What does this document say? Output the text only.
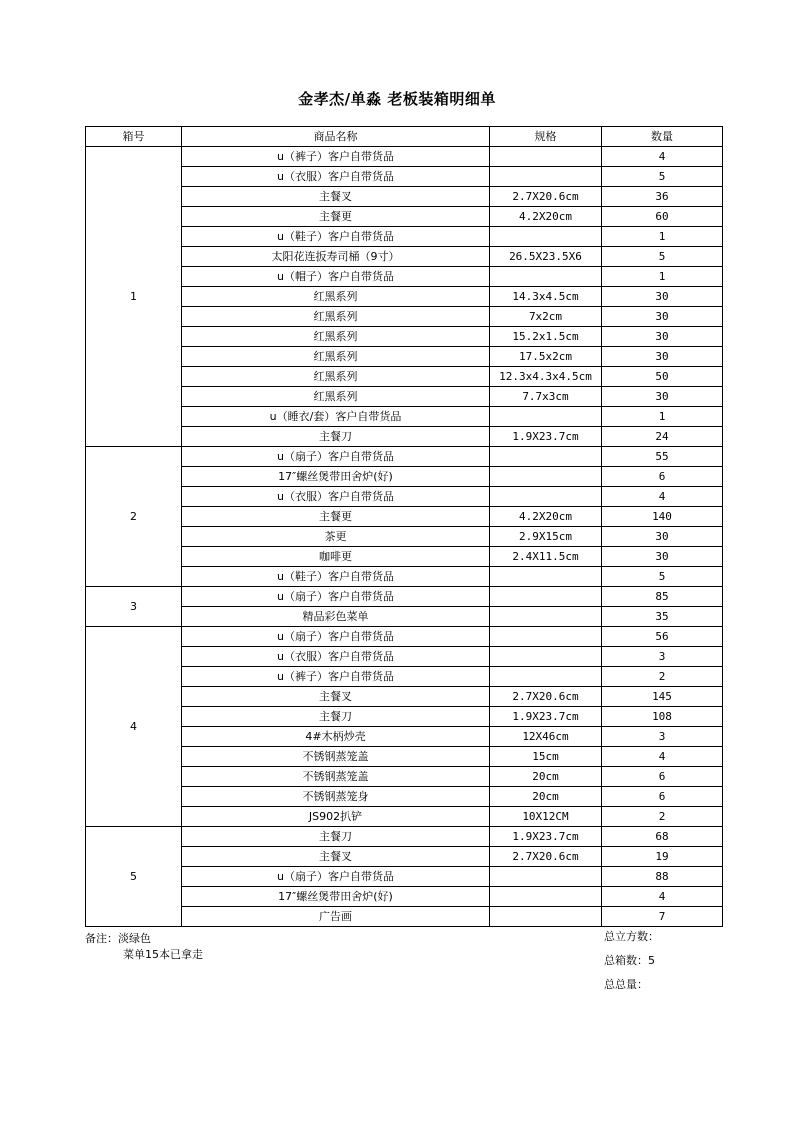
金孝杰/单淼 老板装箱明细单
箱号	商品名称	规格	数量
1	u（裤子）客户自带货品		4
	u（衣服）客户自带货品		5
	主餐叉	2.7X20.6cm	36
	主餐更	4.2X20cm	60
	u（鞋子）客户自带货品		1
	太阳花连扳寿司桶（9寸）	26.5X23.5X6	5
	u（帽子）客户自带货品		1
	红黑系列	14.3x4.5cm	30
	红黑系列	7x2cm	30
	红黑系列	15.2x1.5cm	30
	红黑系列	17.5x2cm	30
	红黑系列	12.3x4.3x4.5cm	50
	红黑系列	7.7x3cm	30
	u（睡衣/套）客户自带货品		1
	主餐刀	1.9X23.7cm	24
2	u（扇子）客户自带货品		55
	17″螺丝煲带田舍炉(好)		6
	u（衣服）客户自带货品		4
	主餐更	4.2X20cm	140
	茶更	2.9X15cm	30
	咖啡更	2.4X11.5cm	30
	u（鞋子）客户自带货品		5
3	u（扇子）客户自带货品		85
	精品彩色菜单		35
4	u（扇子）客户自带货品		56
	u（衣服）客户自带货品		3
	u（裤子）客户自带货品		2
	主餐叉	2.7X20.6cm	145
	主餐刀	1.9X23.7cm	108
	4#木柄炒壳	12X46cm	3
	不锈钢蒸笼盖	15cm	4
	不锈钢蒸笼盖	20cm	6
	不锈钢蒸笼身	20cm	6
	JS902扒铲	10X12CM	2
5	主餐刀	1.9X23.7cm	68
	主餐叉	2.7X20.6cm	19
	u（扇子）客户自带货品		88
	17″螺丝煲带田舍炉(好)		4
	广告画		7
备注：淡绿色
菜单15本已拿走
总立方数：
总箱数：5
总总量：
